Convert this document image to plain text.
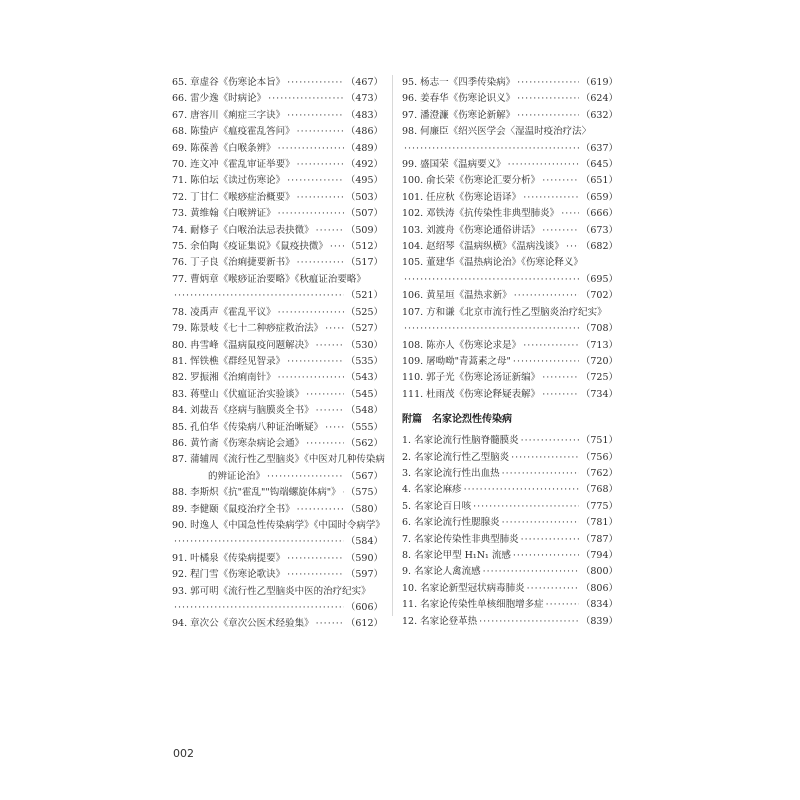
65. 章虚谷《伤寒论本旨》 ·····	（467）
66. 雷少逸《时病论》 ·····	（473）
67. 唐容川《痢症三字诀》 ·····	（483）
68. 陈蛰庐《瘟疫霍乱答问》 ·····	（486）
69. 陈葆善《白喉条辨》 ·····	（489）
70. 连文冲《霍乱审证举要》 ·····	（492）
71. 陈伯坛《读过伤寒论》 ·····	（495）
72. 丁甘仁《喉痧症治概要》 ·····	（503）
73. 黄维翰《白喉辨证》 ·····	（507）
74. 耐修子《白喉治法忌表抉微》 ·····	（509）
75. 余伯陶《疫证集说》《鼠疫抉微》 ····· （512）
76. 丁子良《治痢捷要新书》 ·····	（517）
77. 曹炳章《喉痧证治要略》《秋瘟证治要略》
·····
（521）
78. 凌禹声《霍乱平议》 ·····	（525）
79. 陈景岐《七十二种痧症救治法》 ····· （527）
80. 冉雪峰《温病鼠疫问题解决》 ·····	（530）
81. 恽铁樵《群经见智录》 ·····	（535）
82. 罗振湘《治痢南针》 ·····	（543）
83. 蒋璧山《伏瘟证治实验谈》 ·····	（545）
84. 刘裁吾《痉病与脑膜炎全书》 ·····	（548）
85. 孔伯华《传染病八种证治晰疑》 ····· （555）
86. 黄竹斋《伤寒杂病论会通》 ·····	（562）
87. 蒲辅周《流行性乙型脑炎》《中医对几种传染病
的辨证论治》 ·····	（567）
88. 李斯炽《抗"霍乱""钩端螺旋体病"》 ····· （575）
89. 李健颐《鼠疫治疗全书》 ·····	（580）
90. 时逸人《中国急性传染病学》《中国时令病学》
·····
（584）
91. 叶橘泉《传染病提要》 ·····	（590）
92. 程门雪《伤寒论歌诀》 ·····	（597）
93. 郭可明《流行性乙型脑炎中医的治疗纪实》
·····
（606）
94. 章次公《章次公医术经验集》 ·····	（612）
95. 杨志一《四季传染病》 ·····	（619）
96. 姜春华《伤寒论识义》 ·····	（624）
97. 潘澄濂《伤寒论新解》 ·····	（632）
98. 何廉臣《绍兴医学会〈湿温时疫治疗法〉
·····
（637）
99. 盛国荣《温病要义》 ·····	（645）
100. 俞长荣《伤寒论汇要分析》 ·····	（651）
101. 任应秋《伤寒论语译》 ·····	（659）
102. 邓铁涛《抗传染性非典型肺炎》 ····· （666）
103. 刘渡舟《伤寒论通俗讲话》 ·····	（673）
104. 赵绍琴《温病纵横》《温病浅谈》 ····· （682）
105. 董建华《温热病论治》《伤寒论释义》
·····
（695）
106. 黄星垣《温热求新》 ·····	（702）
107. 方和谦《北京市流行性乙型脑炎治疗纪实》
·····
（708）
108. 陈亦人《伤寒论求是》 ·····	（713）
109. 屠呦呦"青蒿素之母" ·····	（720）
110. 郭子光《伤寒论汤证新编》 ·····	（725）
111. 杜雨茂《伤寒论释疑表解》 ·····	（734）
附篇 名家论烈性传染病
1. 名家论流行性脑脊髓膜炎 ·····	（751）
2. 名家论流行性乙型脑炎 ·····	（756）
3. 名家论流行性出血热 ·····	（762）
4. 名家论麻疹 ·····	（768）
5. 名家论百日咳 ·····	（775）
6. 名家论流行性腮腺炎 ·····	（781）
7. 名家论传染性非典型肺炎 ·····	（787）
8. 名家论甲型 H₁N₁ 流感 ·····	（794）
9. 名家论人禽流感 ·····	（800）
10. 名家论新型冠状病毒肺炎 ·····	（806）
11. 名家论传染性单核细胞增多症 ·····	（834）
12. 名家论登革热 ·····	（839）
002
